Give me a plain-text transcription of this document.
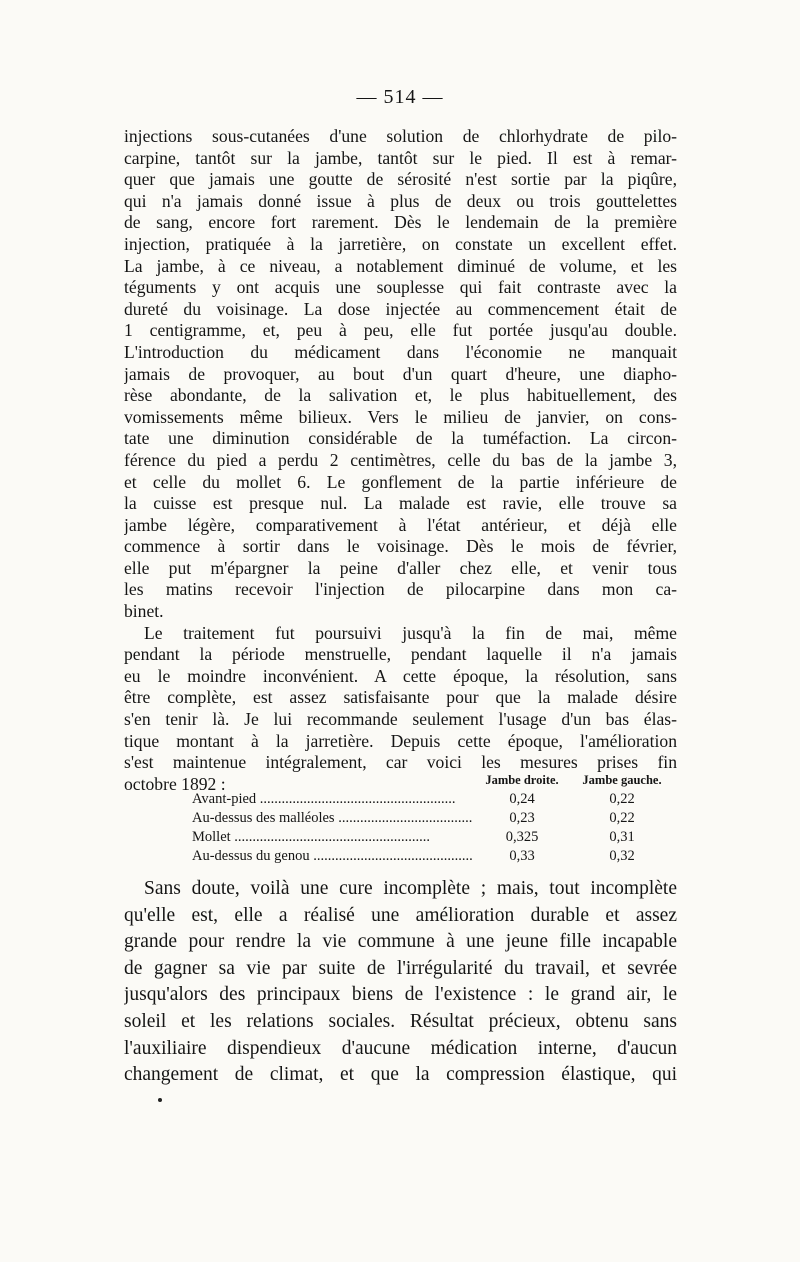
— 514 —
injections sous-cutanées d'une solution de chlorhydrate de pilo-
carpine, tantôt sur la jambe, tantôt sur le pied. Il est à remar-
quer que jamais une goutte de sérosité n'est sortie par la piqûre,
qui n'a jamais donné issue à plus de deux ou trois gouttelettes
de sang, encore fort rarement. Dès le lendemain de la première
injection, pratiquée à la jarretière, on constate un excellent effet.
La jambe, à ce niveau, a notablement diminué de volume, et les
téguments y ont acquis une souplesse qui fait contraste avec la
dureté du voisinage. La dose injectée au commencement était de
1 centigramme, et, peu à peu, elle fut portée jusqu'au double.
L'introduction du médicament dans l'économie ne manquait
jamais de provoquer, au bout d'un quart d'heure, une diapho-
rèse abondante, de la salivation et, le plus habituellement, des
vomissements même bilieux. Vers le milieu de janvier, on cons-
tate une diminution considérable de la tuméfaction. La circon-
férence du pied a perdu 2 centimètres, celle du bas de la jambe 3,
et celle du mollet 6. Le gonflement de la partie inférieure de
la cuisse est presque nul. La malade est ravie, elle trouve sa
jambe légère, comparativement à l'état antérieur, et déjà elle
commence à sortir dans le voisinage. Dès le mois de février,
elle put m'épargner la peine d'aller chez elle, et venir tous
les matins recevoir l'injection de pilocarpine dans mon ca-
binet.
Le traitement fut poursuivi jusqu'à la fin de mai, même
pendant la période menstruelle, pendant laquelle il n'a jamais
eu le moindre inconvénient. A cette époque, la résolution, sans
être complète, est assez satisfaisante pour que la malade désire
s'en tenir là. Je lui recommande seulement l'usage d'un bas élas-
tique montant à la jarretière. Depuis cette époque, l'amélioration
s'est maintenue intégralement, car voici les mesures prises fin
octobre 1892 :	Jambe droite.	Jambe gauche.
Avant-pied .....	0,24	0,22
Au-dessus des malléoles .....	0,23	0,22
Mollet .....	0,325	0,31
Au-dessus du genou .....	0,33	0,32
Sans doute, voilà une cure incomplète ; mais, tout incomplète
qu'elle est, elle a réalisé une amélioration durable et assez
grande pour rendre la vie commune à une jeune fille incapable
de gagner sa vie par suite de l'irrégularité du travail, et sevrée
jusqu'alors des principaux biens de l'existence : le grand air, le
soleil et les relations sociales. Résultat précieux, obtenu sans
l'auxiliaire dispendieux d'aucune médication interne, d'aucun
changement de climat, et que la compression élastique, qui
